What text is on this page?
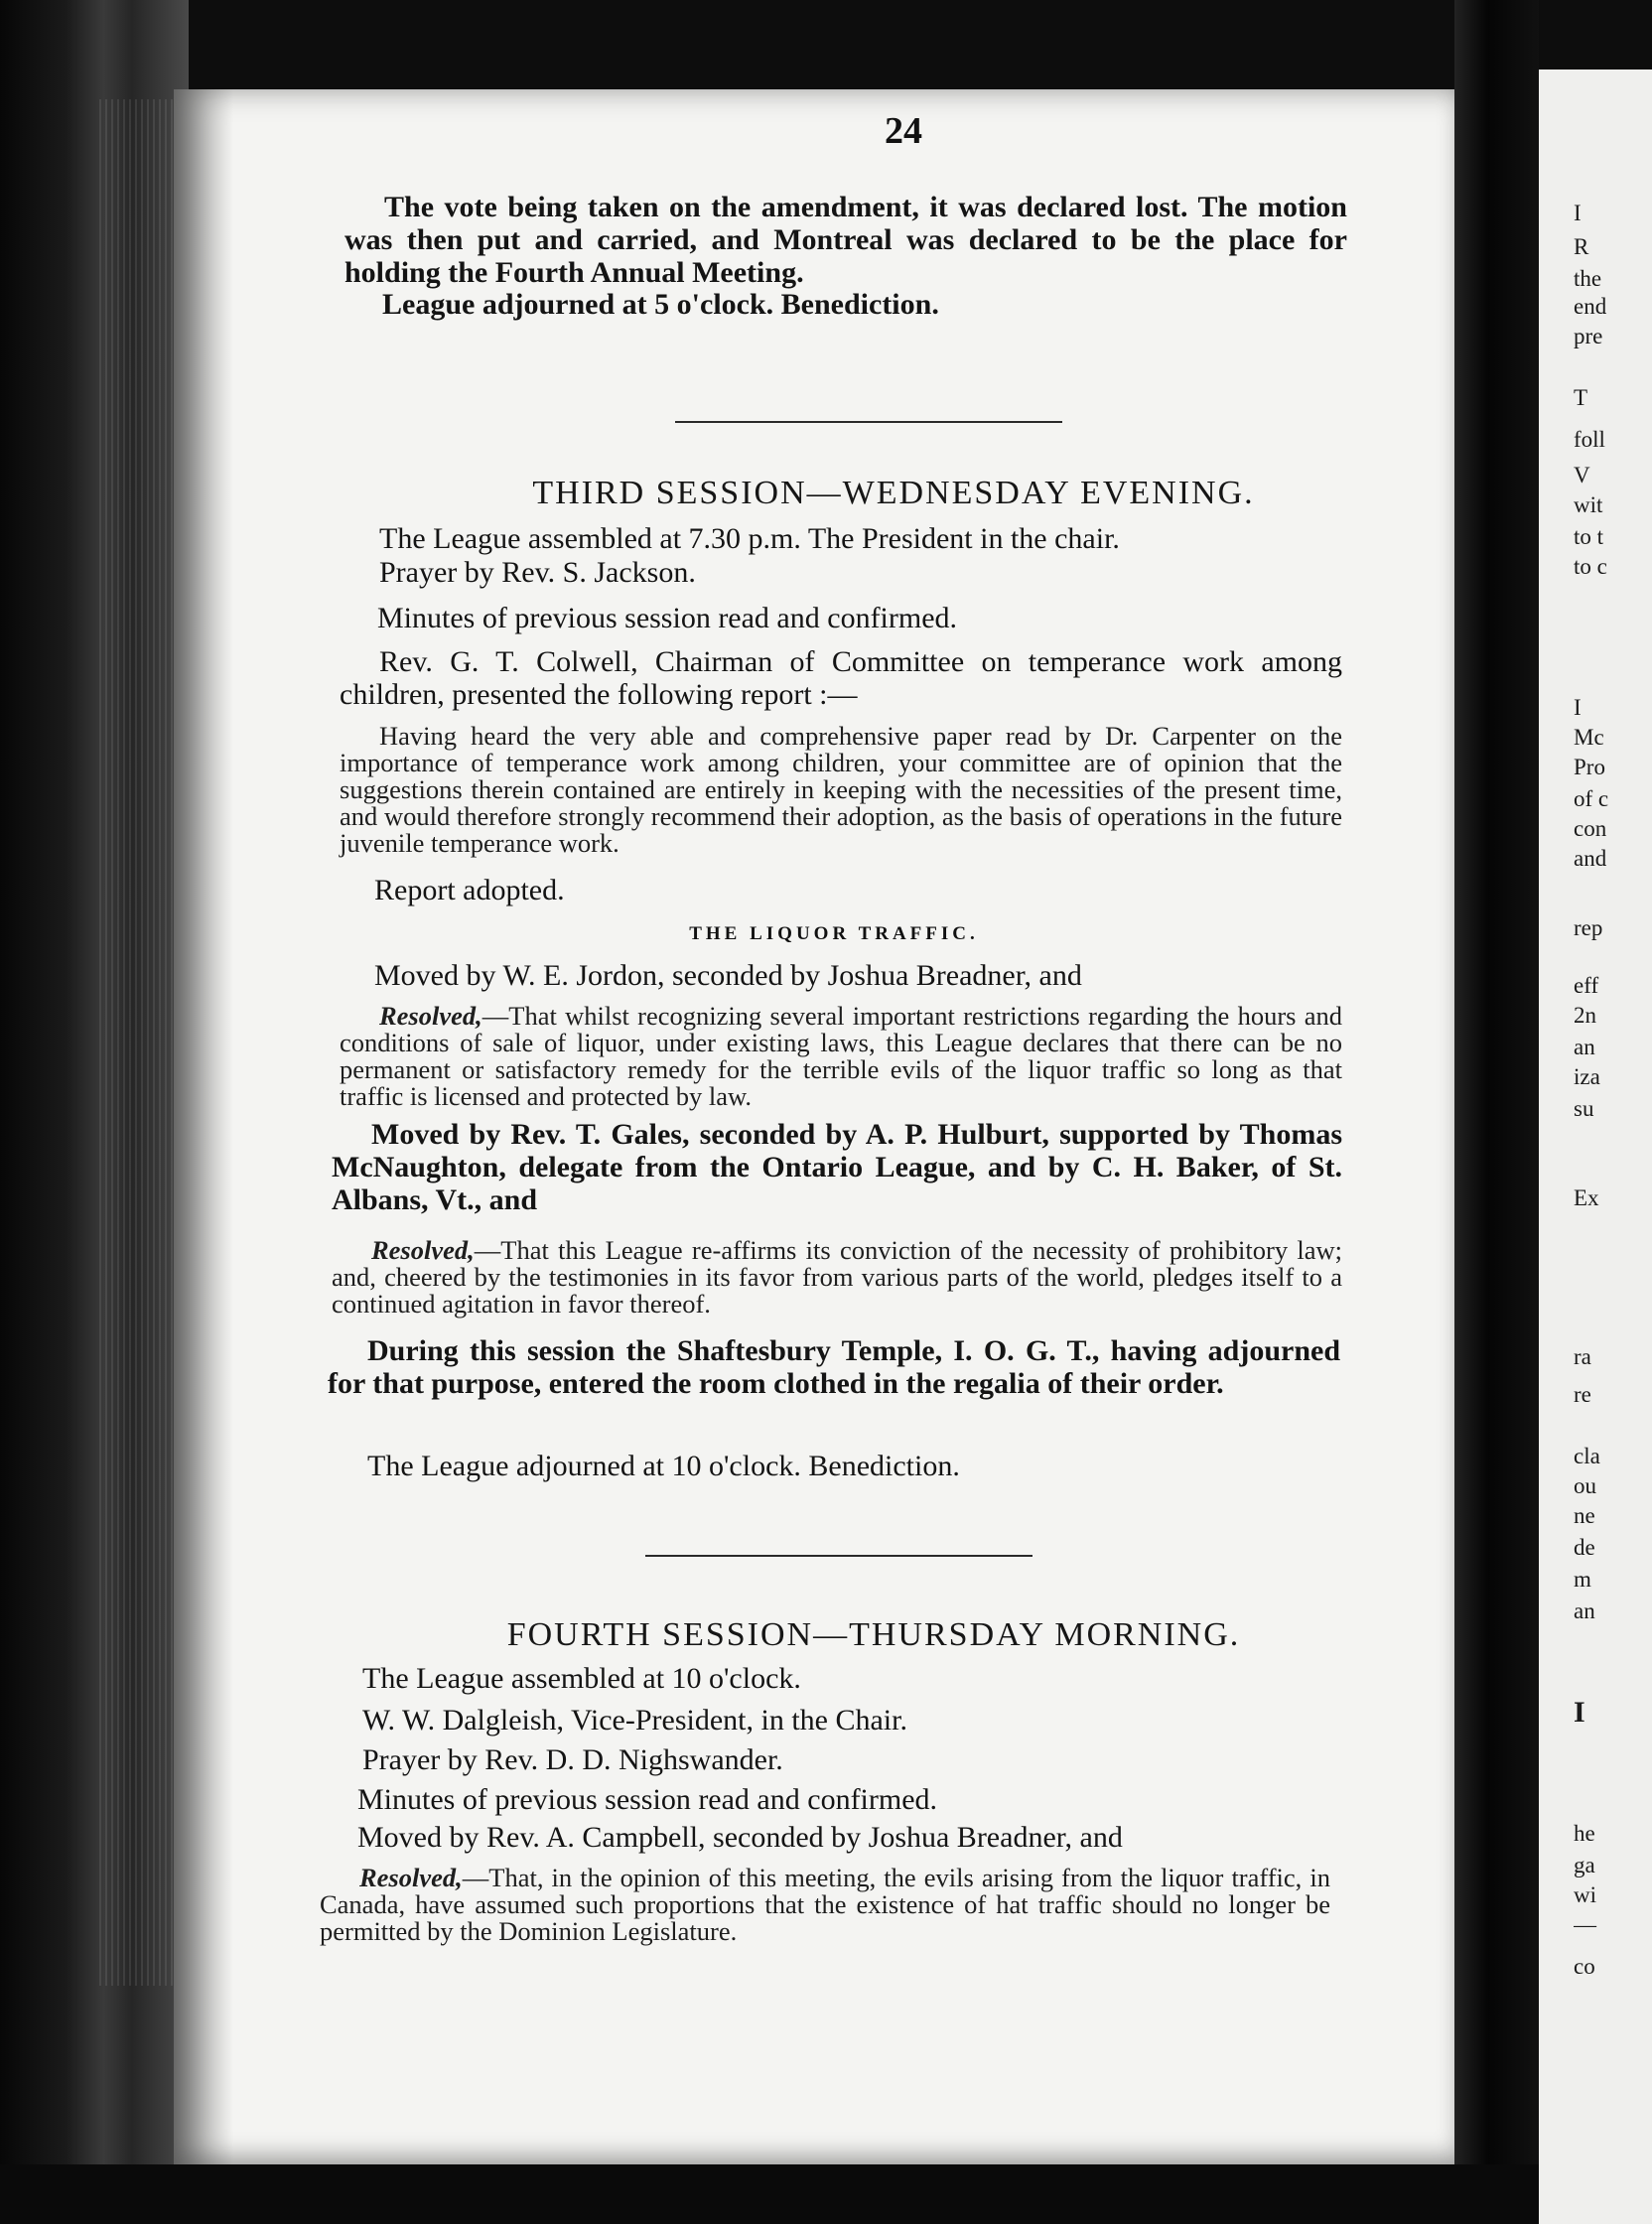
24

The vote being taken on the amendment, it was declared lost. The motion was then put and carried, and Montreal was declared to be the place for holding the Fourth Annual Meeting.

League adjourned at 5 o'clock. Benediction.

THIRD SESSION—WEDNESDAY EVENING.

The League assembled at 7.30 p.m. The President in the chair.

Prayer by Rev. S. Jackson.

Minutes of previous session read and confirmed.

Rev. G. T. Colwell, Chairman of Committee on temperance work among children, presented the following report :—

Having heard the very able and comprehensive paper read by Dr. Carpenter on the importance of temperance work among children, your committee are of opinion that the suggestions therein contained are entirely in keeping with the necessities of the present time, and would therefore strongly recommend their adoption, as the basis of operations in the future juvenile temperance work.

Report adopted.

THE LIQUOR TRAFFIC.

Moved by W. E. Jordon, seconded by Joshua Breadner, and

Resolved,—That whilst recognizing several important restrictions regarding the hours and conditions of sale of liquor, under existing laws, this League declares that there can be no permanent or satisfactory remedy for the terrible evils of the liquor traffic so long as that traffic is licensed and protected by law.

Moved by Rev. T. Gales, seconded by A. P. Hulburt, supported by Thomas McNaughton, delegate from the Ontario League, and by C. H. Baker, of St. Albans, Vt., and

Resolved,—That this League re-affirms its conviction of the necessity of prohibitory law; and, cheered by the testimonies in its favor from various parts of the world, pledges itself to a continued agitation in favor thereof.

During this session the Shaftesbury Temple, I. O. G. T., having adjourned for that purpose, entered the room clothed in the regalia of their order.

The League adjourned at 10 o'clock. Benediction.

FOURTH SESSION—THURSDAY MORNING.

The League assembled at 10 o'clock.

W. W. Dalgleish, Vice-President, in the Chair.

Prayer by Rev. D. D. Nighswander.

Minutes of previous session read and confirmed.

Moved by Rev. A. Campbell, seconded by Joshua Breadner, and

Resolved,—That, in the opinion of this meeting, the evils arising from the liquor traffic, in Canada, have assumed such proportions that the existence of hat traffic should no longer be permitted by the Dominion Legislature.

I
R
the
end
pre
T
foll
V
wit
to t
to c
I
Mc
Pro
of c
con
and
rep
eff
2n
an
iza
su
Ex
ra
re
cla
ou
ne
de
m
an
I
he
ga
wi
—
co
